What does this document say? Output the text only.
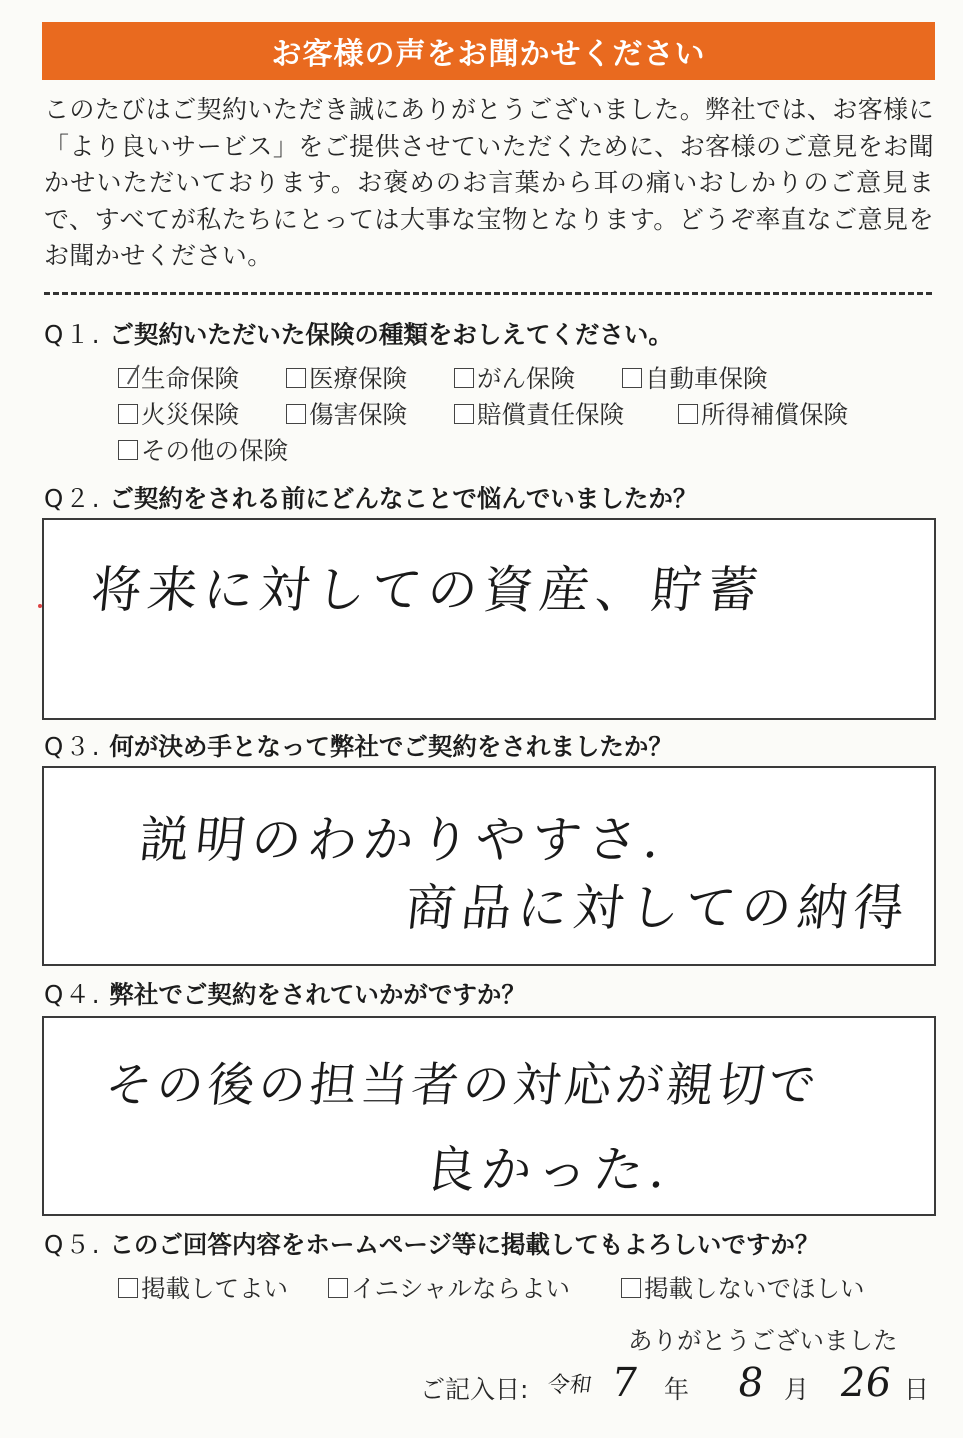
お客様の声をお聞かせください
このたびはご契約いただき誠にありがとうございました。弊社では、お客様に「より良いサービス」をご提供させていただくために、お客様のご意見をお聞かせいただいております。お褒めのお言葉から耳の痛いおしかりのご意見まで、すべてが私たちにとっては大事な宝物となります。どうぞ率直なご意見をお聞かせください。
Q１. ご契約いただいた保険の種類をおしえてください。
生命保険	医療保険	がん保険	自動車保険
火災保険	傷害保険	賠償責任保険	所得補償保険
その他の保険
Q２. ご契約をされる前にどんなことで悩んでいましたか？
将来に対しての資産、貯蓄
Q３. 何が決め手となって弊社でご契約をされましたか？
説明のわかりやすさ.
商品に対しての納得
Q４. 弊社でご契約をされていかがですか？
その後の担当者の対応が親切で
良かった.
Q５. このご回答内容をホームページ等に掲載してもよろしいですか？
掲載してよい	イニシャルならよい	掲載しないでほしい
ありがとうございました
ご記入日: 令和 7 年 8 月 26 日
